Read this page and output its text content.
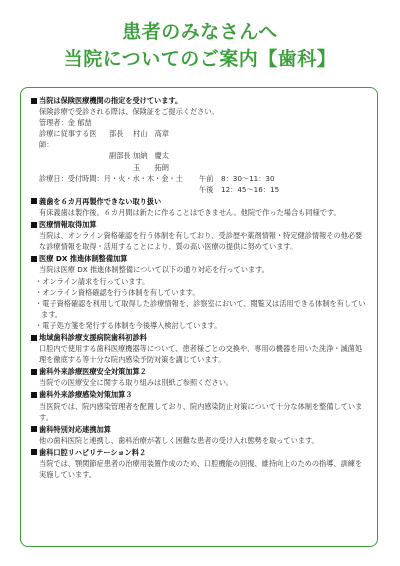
患者のみなさんへ
当院についてのご案内【歯科】
当院は保険医療機関の指定を受けています。
保険診療で受診される際は、保険証をご提示ください。
管理者：金 郁喆
診療に従事する医師：
部長	村山　高章
副部長 加納　慶太
玉　　拓朗
診療日：受付時間：月・火・水・木・金・土	午前	8：30～11：30
午後	12：45～16：15
義歯を６カ月再製作できない取り扱い
有床義歯は製作後、６カ月間は新たに作ることはできません。他院で作った場合も同様です。
医療情報取得加算
当院は、オンライン資格確認を行う体制を有しており、受診歴や薬剤情報・特定健診情報その他必要な診療情報を取得・活用することにより、質の高い医療の提供に努めています。
医療 DX 推進体制整備加算
当院は医療 DX 推進体制整備について以下の通り対応を行っています。
・オンライン請求を行っています。
・オンライン資格確認を行う体制を有しています。
・電子資格確認を利用して取得した診療情報を、診察室において、閲覧又は活用できる体制を有しています。
・電子処方箋を発行する体制を今後導入検討しています。
地域歯科診療支援病院歯科初診料
口腔内で使用する歯科医療機器等について、患者様ごとの交換や、専用の機器を用いた洗浄・滅菌処理を徹底する等十分な院内感染予防対策を講じています。
歯科外来診療医療安全対策加算２
当院での医療安全に関する取り組みは別紙ご参照ください。
歯科外来診療感染対策加算３
当医院では、院内感染管理者を配置しており、院内感染防止対策について十分な体制を整備しています。
歯科特別対応連携加算
他の歯科医院と連携し、歯科治療が著しく困難な患者の受け入れ態勢を取っています。
歯科口腔リハビリテーション料２
当院では、顎関節症患者の治療用装置作成のため、口腔機能の回復、維持向上のための指導、訓練を実施しています。
